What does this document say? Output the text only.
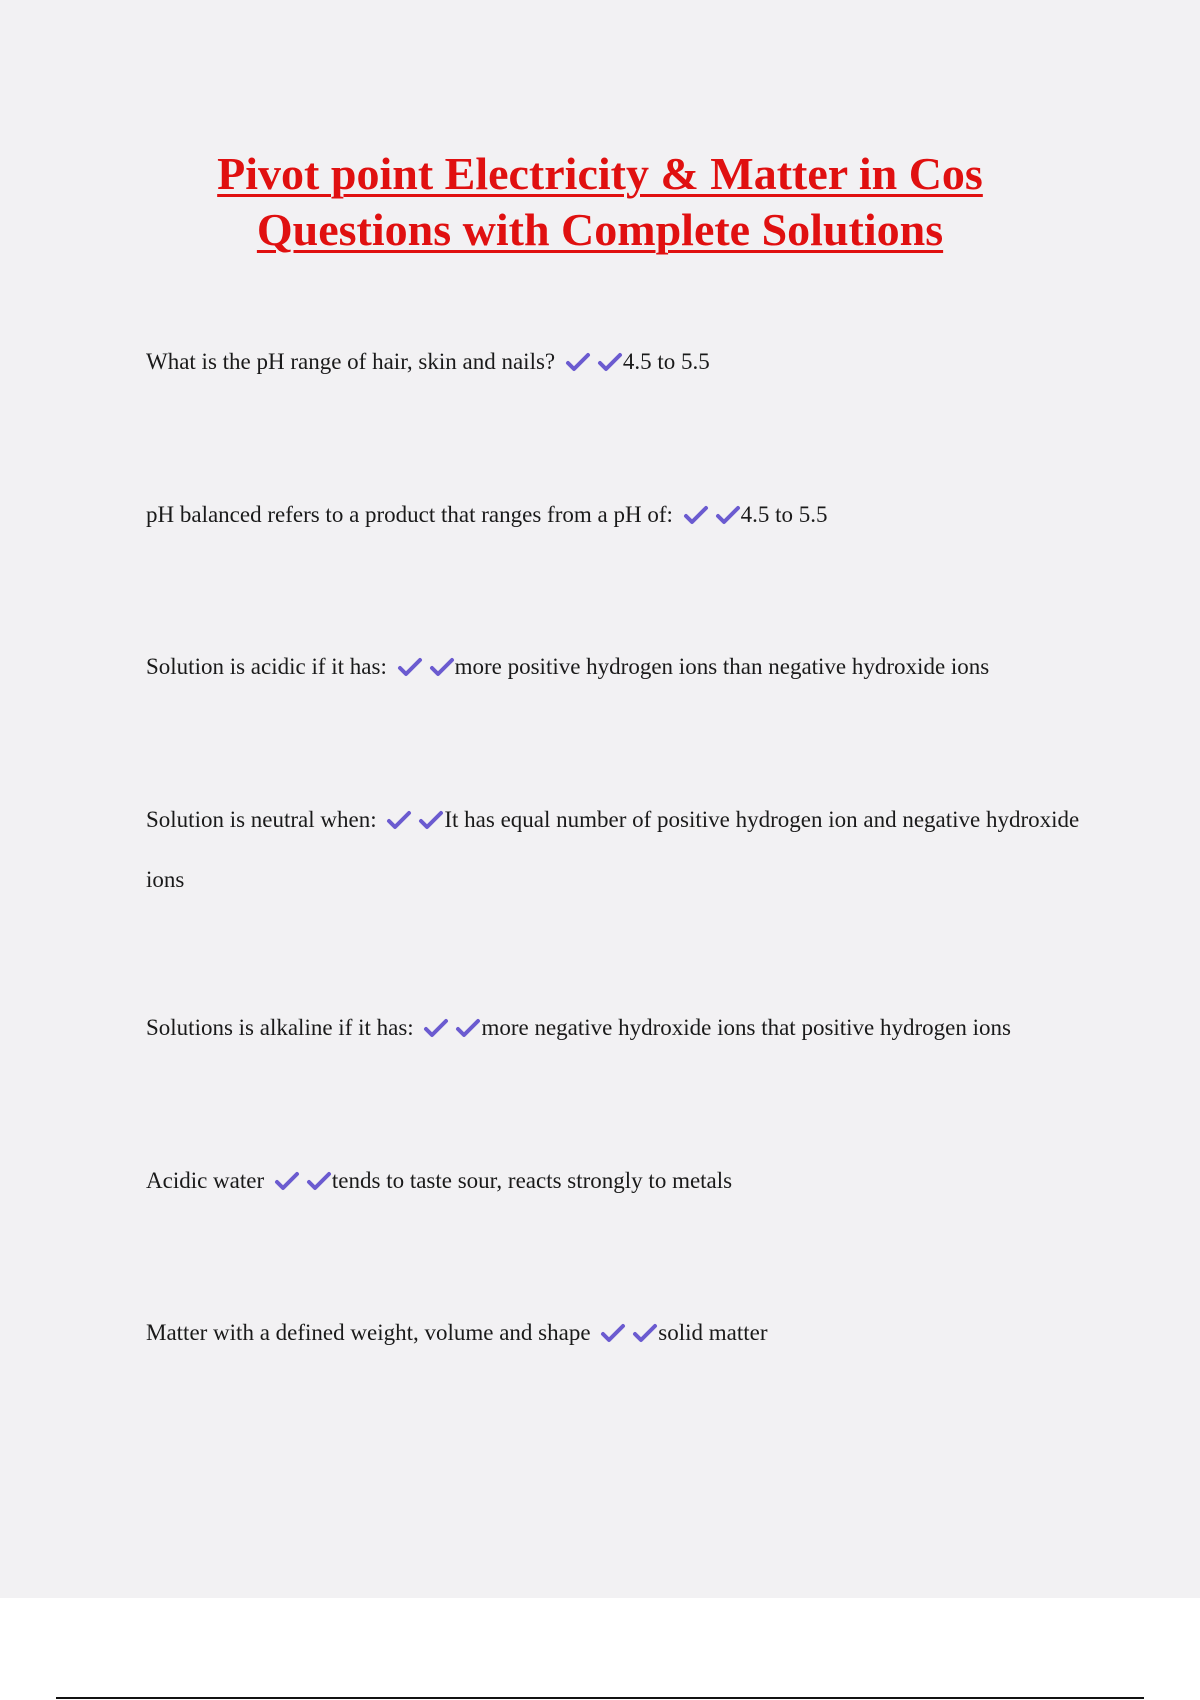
Pivot point Electricity & Matter in Cos
Questions with Complete Solutions

What is the pH range of hair, skin and nails?	4.5 to 5.5

pH balanced refers to a product that ranges from a pH of:	4.5 to 5.5

Solution is acidic if it has:	more positive hydrogen ions than negative hydroxide ions

Solution is neutral when:	It has equal number of positive hydrogen ion and negative hydroxide ions

Solutions is alkaline if it has:	more negative hydroxide ions that positive hydrogen ions

Acidic water	tends to taste sour, reacts strongly to metals

Matter with a defined weight, volume and shape	solid matter
